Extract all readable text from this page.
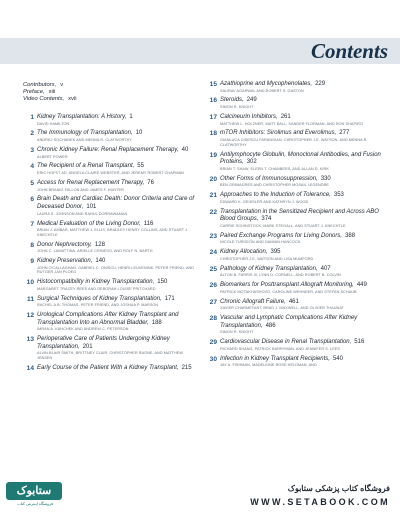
Contents
Contributors, v
Preface, xiii
Video Contents, xvii
1 Kidney Transplantation: A History, 1
DAVID HAMILTON
2 The Immunology of Transplantation, 10
ANDREJ SOCHANEK AND MENNA R. CLATWORTHY
3 Chronic Kidney Failure: Renal Replacement Therapy, 40
ALBERT POWER
4 The Recipient of a Renal Transplant, 55
ERIC HOFST AD, ANGELA CLAIRE WEBSTER, AND JEREMY ROBERT CHAPMAN
5 Access for Renal Replacement Therapy, 76
JOHN BRANIG FALLON AND JAMES F. HUNTER
6 Brain Death and Cardiac Death: Donor Criteria and Care of Deceased Donor, 101
LAURA S. JOHNSON AND RAHUL DORRAWAMAN
7 Medical Evaluation of the Living Donor, 116
BRIAN J. AMBAR, MATTHEW J. ELLIS, BRADLEY HENRY COLLINS, AND STUART J. KNECHTLE
8 Donor Nephrectomy, 128
JOHN C. LAMATTINA, ARIELLE CRINESO, AND ROLF N. BARTH
9 Kidney Preservation, 140
JOHN O'CALLAGHAN, GABRIEL C. ONISCU, HENRI LEUVENINK, PETER FRIEND, AND RUTGER JAN PLOEG
10 Histocompatibility in Kidney Transplantation, 150
MARGARET TRACEY REES AND DEBORAH LOUISE PRITCHARD
11 Surgical Techniques of Kidney Transplantation, 171
RACHEL A.B. THOMAS, PETER FRIEND, AND JOSHUA P. MARSON
12 Urological Complications After Kidney Transplant and Transplantation Into an Abnormal Bladder, 188
IMRAN A. KAHCHEK AND ANDREW C. PETERSON
13 Perioperative Care of Patients Undergoing Kidney Transplantation, 201
ALVIN BLAIR SMITH, BRITTNEY CLAIR, CHRISTOPHER RAONE, AND MATTHEW JENSEN
14 Early Course of the Patient With a Kidney Transplant, 215
15 Azathioprine and Mycophenolates, 229
SAURAV AGARWAL AND ROBERT S. GASTON
16 Steroids, 249
SIMON R. KNIGHT
17 Calcineurin Inhibitors, 261
MATTHEW L. HOLZNER, MATT BALL, SANDER FLORMAN, AND RON SHAPIRO
18 mTOR Inhibitors: Sirolimus and Everolimus, 277
GIANLUCA CIDESCU FARANGIAN, CHRISTOPHER J.E. WATSON, AND MENNA R. CLATWORTHY
19 Antilymphocyte Globulin, Monoclonal Antibodies, and Fusion Proteins, 302
BRIAN T. SHAW, ELEEN T. CHAMBERS, AND ALLAN D. KIRK
20 Other Forms of Immunosuppression, 330
BEN GRIMAGRES AND CHRISTOPHER MOSAIL LEGENDRE
21 Approaches to the Induction of Tolerance, 353
EDWARD K. GEISSLER AND KATHRYN J. WOOD
22 Transplantation in the Sensitized Recipient and Across ABO Blood Groups, 374
CARRIE SCHINSTOCK, MARK STEGALL, AND STUART J. KNECHTLE
23 Paired Exchange Programs for Living Donors, 388
NICOLE TURGEON AND DAMIAN HANCOCK
24 Kidney Allocation, 395
CHRISTOPHER J.E. WATSON AND LISA MUMFORD
25 Pathology of Kidney Transplantation, 407
ALTON B. FARRIS III, LYNN D. CORNELL, AND ROBERT B. COLVIN
26 Biomarkers for Posttransplant Allograft Monitoring, 449
PATRICK MOTAKHASHOVO, CAROLINE WEHNEER, AND STEFAN SCHAUB
27 Chronic Allograft Failure, 461
XAVIER CHARMETANT, BRAD J. MAXWELL, AND OLIVIER THAUNAT
28 Vascular and Lymphatic Complications After Kidney Transplantation, 486
SIMON R. KNIGHT
29 Cardiovascular Disease in Renal Transplantation, 516
RICHARD SHANG, PATRICK BARRYMAN, AND JENNIFER S. LEES
30 Infection in Kidney Transplant Recipients, 540
JAY A. FISHMAN, MADELEINE ROSE HELDMAN, AND
ستابوک
فروشگاه اینترنتی کتاب
فروشگاه کتاب پزشکی ستابوک
WWW.SETABOOK.COM
